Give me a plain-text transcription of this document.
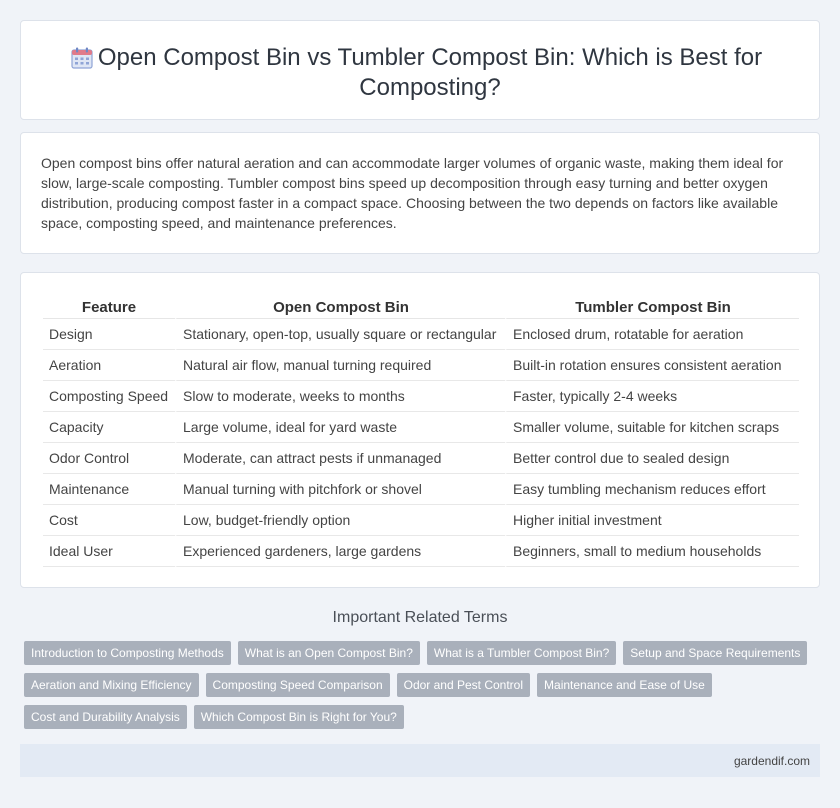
Open Compost Bin vs Tumbler Compost Bin: Which is Best for Composting?

Open compost bins offer natural aeration and can accommodate larger volumes of organic waste, making them ideal for slow, large-scale composting. Tumbler compost bins speed up decomposition through easy turning and better oxygen distribution, producing compost faster in a compact space. Choosing between the two depends on factors like available space, composting speed, and maintenance preferences.

Feature	Open Compost Bin	Tumbler Compost Bin
Design	Stationary, open-top, usually square or rectangular	Enclosed drum, rotatable for aeration
Aeration	Natural air flow, manual turning required	Built-in rotation ensures consistent aeration
Composting Speed	Slow to moderate, weeks to months	Faster, typically 2-4 weeks
Capacity	Large volume, ideal for yard waste	Smaller volume, suitable for kitchen scraps
Odor Control	Moderate, can attract pests if unmanaged	Better control due to sealed design
Maintenance	Manual turning with pitchfork or shovel	Easy tumbling mechanism reduces effort
Cost	Low, budget-friendly option	Higher initial investment
Ideal User	Experienced gardeners, large gardens	Beginners, small to medium households
Important Related Terms
Introduction to Composting Methods	What is an Open Compost Bin?	What is a Tumbler Compost Bin?	Setup and Space Requirements
Aeration and Mixing Efficiency	Composting Speed Comparison	Odor and Pest Control	Maintenance and Ease of Use
Cost and Durability Analysis	Which Compost Bin is Right for You?
gardendif.com
